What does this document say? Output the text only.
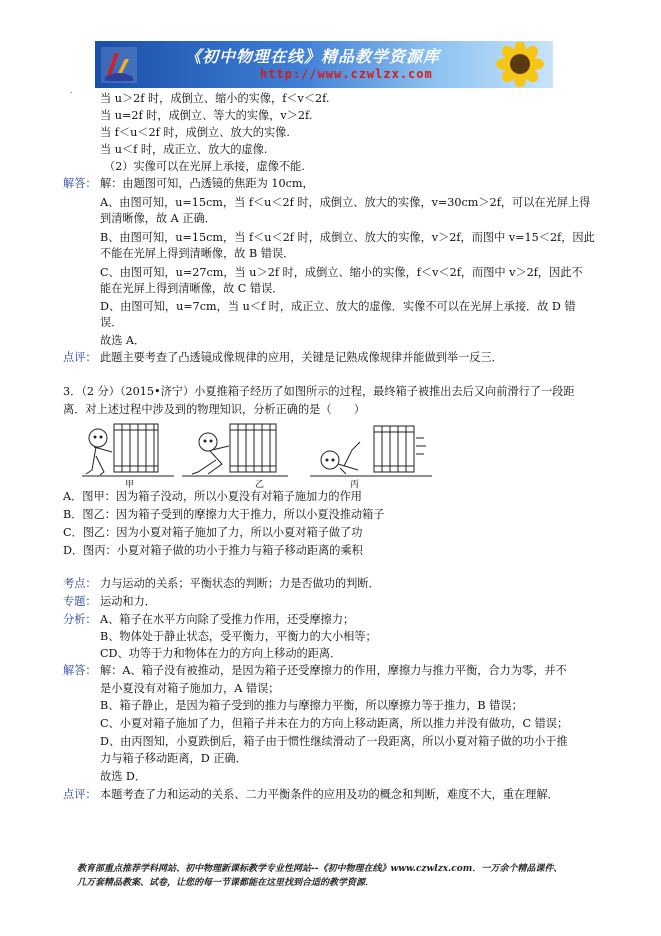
《初中物理在线》精品教学资源库
http://www.czwlzx.com
.
当 u＞2f 时，成倒立、缩小的实像，f＜v＜2f.
当 u=2f 时，成倒立、等大的实像，v＞2f.
当 f＜u＜2f 时，成倒立、放大的实像.
当 u＜f 时，成正立、放大的虚像.
（2）实像可以在光屏上承接，虚像不能.
解答： 解：由题图可知，凸透镜的焦距为 10cm，
A、由图可知，u=15cm，当 f＜u＜2f 时，成倒立、放大的实像，v=30cm＞2f，可以在光屏上得
到清晰像，故 A 正确．
B、由图可知，u=15cm，当 f＜u＜2f 时，成倒立、放大的实像，v＞2f，而图中 v=15＜2f，因此
不能在光屏上得到清晰像，故 B 错误．
C、由图可知，u=27cm，当 u＞2f 时，成倒立、缩小的实像，f＜v＜2f，而图中 v＞2f，因此不
能在光屏上得到清晰像，故 C 错误．
D、由图可知，u=7cm，当 u＜f 时，成正立、放大的虚像．实像不可以在光屏上承接．故 D 错
误．
故选 A．
点评： 此题主要考查了凸透镜成像规律的应用，关键是记熟成像规律并能做到举一反三．
3．（2 分）（2015•济宁）小夏推箱子经历了如图所示的过程，最终箱子被推出去后又向前滑行了一段距
离．对上述过程中涉及到的物理知识，分析正确的是（　　）
甲	乙	丙
A．图甲：因为箱子没动，所以小夏没有对箱子施加力的作用
B．图乙：因为箱子受到的摩擦力大于推力，所以小夏没推动箱子
C．图乙：因为小夏对箱子施加了力，所以小夏对箱子做了功
D．图丙：小夏对箱子做的功小于推力与箱子移动距离的乘积
考点： 力与运动的关系；平衡状态的判断；力是否做功的判断．
专题： 运动和力．
分析： A、箱子在水平方向除了受推力作用，还受摩擦力；
B、物体处于静止状态，受平衡力，平衡力的大小相等；
CD、功等于力和物体在力的方向上移动的距离．
解答： 解：A、箱子没有被推动，是因为箱子还受摩擦力的作用，摩擦力与推力平衡，合力为零，并不
是小夏没有对箱子施加力，A 错误；
B、箱子静止，是因为箱子受到的推力与摩擦力平衡，所以摩擦力等于推力，B 错误；
C、小夏对箱子施加了力，但箱子并未在力的方向上移动距离，所以推力并没有做功，C 错误；
D、由丙图知，小夏跌倒后，箱子由于惯性继续滑动了一段距离，所以小夏对箱子做的功小于推
力与箱子移动距离，D 正确．
故选 D．
点评： 本题考查了力和运动的关系、二力平衡条件的应用及功的概念和判断，难度不大，重在理解．
教育部重点推荐学科网站、初中物理新课标教学专业性网站--《初中物理在线》www.czwlzx.com．一万余个精品课件、
几万套精品教案、试卷，让您的每一节课都能在这里找到合适的教学资源．
